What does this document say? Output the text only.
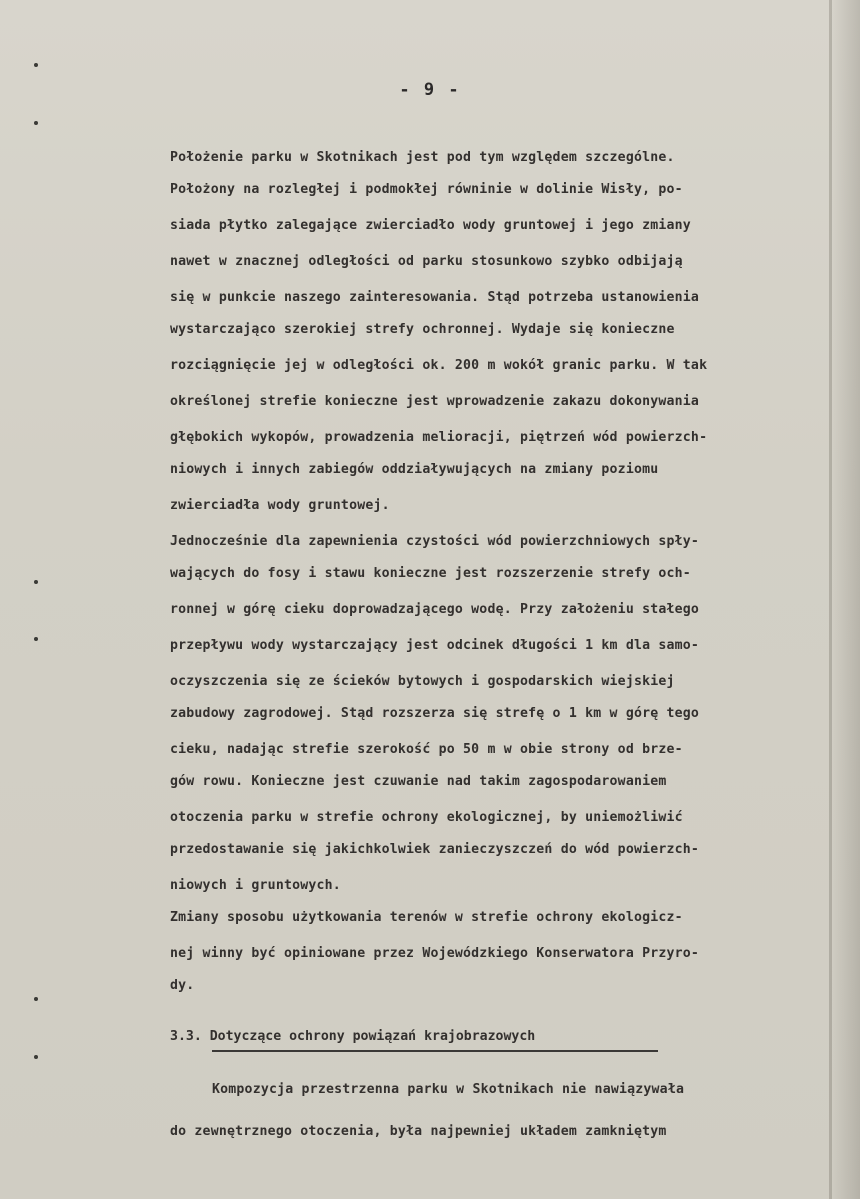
- 9 -
Położenie parku w Skotnikach jest pod tym względem szczególne.
Położony na rozległej i podmokłej równinie w dolinie Wisły, po-
siada płytko zalegające zwierciadło wody gruntowej i jego zmiany
nawet w znacznej odległości od parku stosunkowo szybko odbijają
się w punkcie naszego zainteresowania. Stąd potrzeba ustanowienia
wystarczająco szerokiej strefy ochronnej. Wydaje się konieczne
rozciągnięcie jej w odległości ok. 200 m wokół granic parku. W tak
określonej strefie konieczne jest wprowadzenie zakazu dokonywania
głębokich wykopów, prowadzenia melioracji, piętrzeń wód powierzch-
niowych i innych zabiegów oddziaływujących na zmiany poziomu
zwierciadła wody gruntowej.
Jednocześnie dla zapewnienia czystości wód powierzchniowych spły-
wających do fosy i stawu konieczne jest rozszerzenie strefy och-
ronnej w górę cieku doprowadzającego wodę. Przy założeniu stałego
przepływu wody wystarczający jest odcinek długości 1 km dla samo-
oczyszczenia się ze ścieków bytowych i gospodarskich wiejskiej
zabudowy zagrodowej. Stąd rozszerza się strefę o 1 km w górę tego
cieku, nadając strefie szerokość po 50 m w obie strony od brze-
gów rowu. Konieczne jest czuwanie nad takim zagospodarowaniem
otoczenia parku w strefie ochrony ekologicznej, by uniemożliwić
przedostawanie się jakichkolwiek zanieczyszczeń do wód powierzch-
niowych i gruntowych.
Zmiany sposobu użytkowania terenów w strefie ochrony ekologicz-
nej winny być opiniowane przez Wojewódzkiego Konserwatora Przyro-
dy.
3.3. Dotyczące ochrony powiązań krajobrazowych
Kompozycja przestrzenna parku w Skotnikach nie nawiązywała
do zewnętrznego otoczenia, była najpewniej układem zamkniętym
